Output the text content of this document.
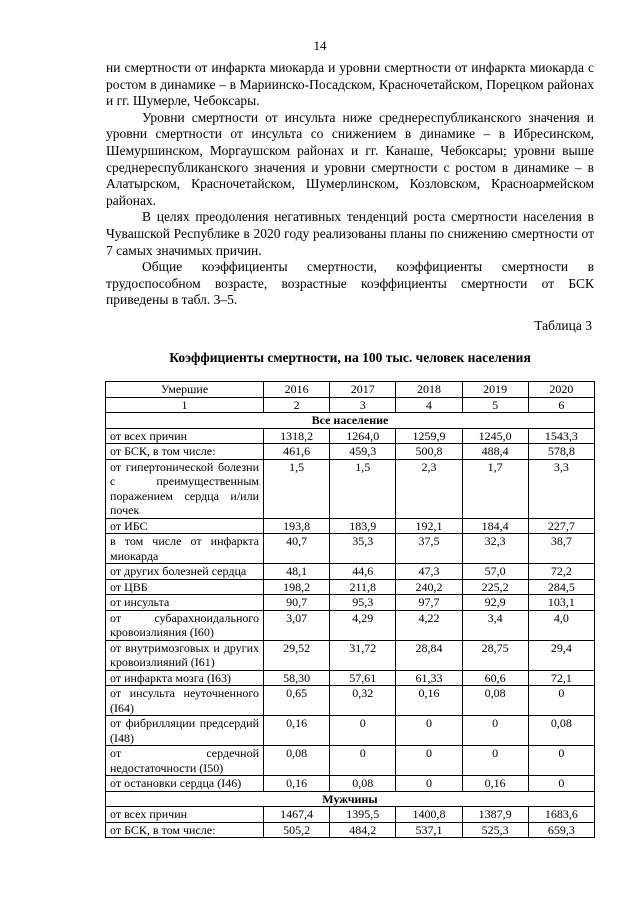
14

ни смертности от инфаркта миокарда и уровни смертности от инфаркта миокарда с ростом в динамике – в Мариинско-Посадском, Красночетайском, Порецком районах и гг. Шумерле, Чебоксары.

Уровни смертности от инсульта ниже среднереспубликанского значения и уровни смертности от инсульта со снижением в динамике – в Ибресинском, Шемуршинском, Моргаушском районах и гг. Канаше, Чебоксары; уровни выше среднереспубликанского значения и уровни смертности с ростом в динамике – в Алатырском, Красночетайском, Шумерлинском, Козловском, Красноармейском районах.

В целях преодоления негативных тенденций роста смертности населения в Чувашской Республике в 2020 году реализованы планы по снижению смертности от 7 самых значимых причин.

Общие коэффициенты смертности, коэффициенты смертности в трудоспособном возрасте, возрастные коэффициенты смертности от БСК приведены в табл. 3–5.

Таблица 3
Коэффициенты смертности, на 100 тыс. человек населения
Умершие	2016	2017	2018	2019	2020
1	2	3	4	5	6
Все население					
от всех причин	1318,2	1264,0	1259,9	1245,0	1543,3
от БСК, в том числе:	461,6	459,3	500,8	488,4	578,8
от гипертонической болезни с преимущественным поражением сердца и/или почек	1,5	1,5	2,3	1,7	3,3
от ИБС	193,8	183,9	192,1	184,4	227,7
в том числе от инфаркта миокарда	40,7	35,3	37,5	32,3	38,7
от других болезней сердца	48,1	44,6	47,3	57,0	72,2
от ЦВБ	198,2	211,8	240,2	225,2	284,5
от инсульта	90,7	95,3	97,7	92,9	103,1
от субарахноидального кровоизлияния (I60)	3,07	4,29	4,22	3,4	4,0
от внутримозговых и других кровоизлияний (I61)	29,52	31,72	28,84	28,75	29,4
от инфаркта мозга (I63)	58,30	57,61	61,33	60,6	72,1
от инсульта неуточненного (I64)	0,65	0,32	0,16	0,08	0
от фибрилляции предсердий (I48)	0,16	0	0	0	0,08
от сердечной недостаточности (I50)	0,08	0	0	0	0
от остановки сердца (I46)	0,16	0,08	0	0,16	0
Мужчины					
от всех причин	1467,4	1395,5	1400,8	1387,9	1683,6
от БСК, в том числе:	505,2	484,2	537,1	525,3	659,3
